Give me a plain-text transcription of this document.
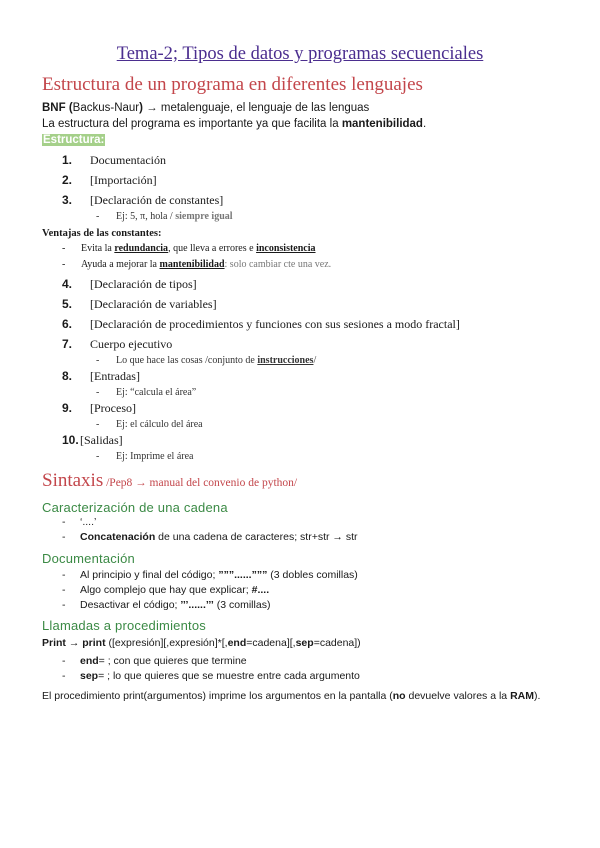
Tema-2; Tipos de datos y programas secuenciales
Estructura de un programa en diferentes lenguajes
BNF (Backus-Naur) → metalenguaje, el lenguaje de las lenguas
La estructura del programa es importante ya que facilita la mantenibilidad.
Estructura:
1. Documentación
2. [Importación]
3. [Declaración de constantes]
- Ej: 5, π, hola / siempre igual
Ventajas de las constantes:
- Evita la redundancia, que lleva a errores e inconsistencia
- Ayuda a mejorar la mantenibilidad: solo cambiar cte una vez.
4. [Declaración de tipos]
5. [Declaración de variables]
6. [Declaración de procedimientos y funciones con sus sesiones a modo fractal]
7. Cuerpo ejecutivo
- Lo que hace las cosas /conjunto de instrucciones/
8. [Entradas]
- Ej: “calcula el área”
9. [Proceso]
- Ej: el cálculo del área
10.[Salidas]
- Ej: Imprime el área
Sintaxis /Pep8 → manual del convenio de python/
Caracterización de una cadena
- ‘....’
- Concatenación de una cadena de caracteres; str+str → str
Documentación
- Al principio y final del código; ”””......””” (3 dobles comillas)
- Algo complejo que hay que explicar; #....
- Desactivar el código; ’’’......’’’ (3 comillas)
Llamadas a procedimientos
Print → print ([expresión][,expresión]*[,end=cadena][,sep=cadena])
- end= ; con que quieres que termine
- sep= ; lo que quieres que se muestre entre cada argumento
El procedimiento print(argumentos) imprime los argumentos en la pantalla (no devuelve valores a la RAM).
